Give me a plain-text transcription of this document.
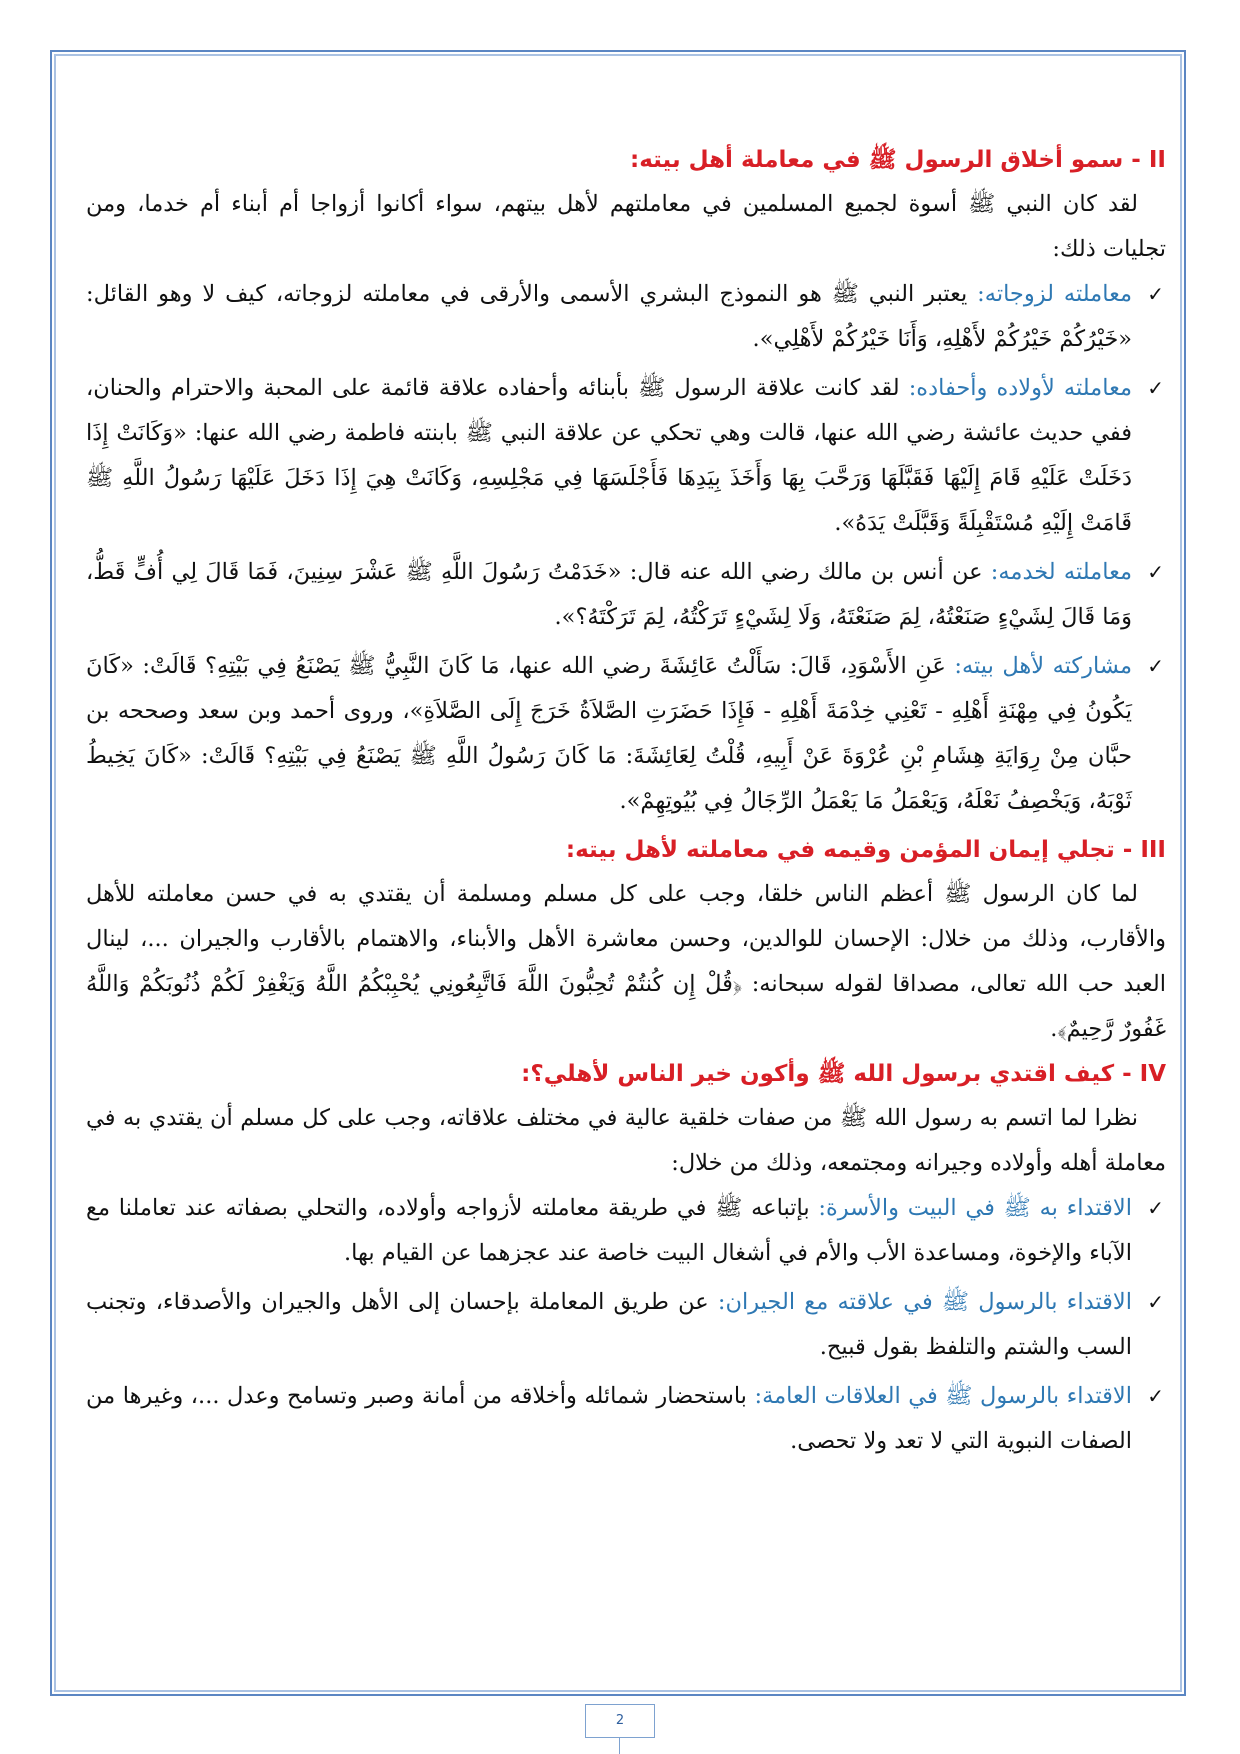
II - سمو أخلاق الرسول ﷺ في معاملة أهل بيته:

لقد كان النبي ﷺ أسوة لجميع المسلمين في معاملتهم لأهل بيتهم، سواء أكانوا أزواجا أم أبناء أم خدما، ومن تجليات ذلك:

✓
معاملته لزوجاته: يعتبر النبي ﷺ هو النموذج البشري الأسمى والأرقى في معاملته لزوجاته، كيف لا وهو القائل: «خَيْرُكُمْ خَيْرُكُمْ لأَهْلِهِ، وَأَنَا خَيْرُكُمْ لأَهْلِي».
✓
معاملته لأولاده وأحفاده: لقد كانت علاقة الرسول ﷺ بأبنائه وأحفاده علاقة قائمة على المحبة والاحترام والحنان، ففي حديث عائشة رضي الله عنها، قالت وهي تحكي عن علاقة النبي ﷺ بابنته فاطمة رضي الله عنها: «وَكَانَتْ إِذَا دَخَلَتْ عَلَيْهِ قَامَ إِلَيْهَا فَقَبَّلَهَا وَرَحَّبَ بِهَا وَأَخَذَ بِيَدِهَا فَأَجْلَسَهَا فِي مَجْلِسِهِ، وَكَانَتْ هِيَ إِذَا دَخَلَ عَلَيْهَا رَسُولُ اللَّهِ ﷺ قَامَتْ إِلَيْهِ مُسْتَقْبِلَةً وَقَبَّلَتْ يَدَهُ».
✓
معاملته لخدمه: عن أنس بن مالك رضي الله عنه قال: «خَدَمْتُ رَسُولَ اللَّهِ ﷺ عَشْرَ سِنِينَ، فَمَا قَالَ لِي أُفٍّ قَطُّ، وَمَا قَالَ لِشَيْءٍ صَنَعْتُهُ، لِمَ صَنَعْتَهُ، وَلَا لِشَيْءٍ تَرَكْتُهُ، لِمَ تَرَكْتَهُ؟».
✓
مشاركته لأهل بيته: عَنِ الأَسْوَدِ، قَالَ: سَأَلْتُ عَائِشَةَ رضي الله عنها، مَا كَانَ النَّبِيُّ ﷺ يَصْنَعُ فِي بَيْتِهِ؟ قَالَتْ: «كَانَ يَكُونُ فِي مِهْنَةِ أَهْلِهِ - تَعْنِي خِدْمَةَ أَهْلِهِ - فَإِذَا حَضَرَتِ الصَّلاَةُ خَرَجَ إِلَى الصَّلاَةِ»، وروى أحمد وبن سعد وصححه بن حبَّان مِنْ رِوَايَةِ هِشَامِ بْنِ عُرْوَةَ عَنْ أَبِيهِ، قُلْتُ لِعَائِشَةَ: مَا كَانَ رَسُولُ اللَّهِ ﷺ يَصْنَعُ فِي بَيْتِهِ؟ قَالَتْ: «كَانَ يَخِيطُ ثَوْبَهُ، وَيَخْصِفُ نَعْلَهُ، وَيَعْمَلُ مَا يَعْمَلُ الرِّجَالُ فِي بُيُوتِهِمْ».
III - تجلي إيمان المؤمن وقيمه في معاملته لأهل بيته:

لما كان الرسول ﷺ أعظم الناس خلقا، وجب على كل مسلم ومسلمة أن يقتدي به في حسن معاملته للأهل والأقارب، وذلك من خلال: الإحسان للوالدين، وحسن معاشرة الأهل والأبناء، والاهتمام بالأقارب والجيران ...، لينال العبد حب الله تعالى، مصداقا لقوله سبحانه: ﴿قُلْ إِن كُنتُمْ تُحِبُّونَ اللَّهَ فَاتَّبِعُونِي يُحْبِبْكُمُ اللَّهُ وَيَغْفِرْ لَكُمْ ذُنُوبَكُمْ وَاللَّهُ غَفُورٌ رَّحِيمٌ﴾.

IV - كيف اقتدي برسول الله ﷺ وأكون خير الناس لأهلي؟:

نظرا لما اتسم به رسول الله ﷺ من صفات خلقية عالية في مختلف علاقاته، وجب على كل مسلم أن يقتدي به في معاملة أهله وأولاده وجيرانه ومجتمعه، وذلك من خلال:

✓
الاقتداء به ﷺ في البيت والأسرة: بإتباعه ﷺ في طريقة معاملته لأزواجه وأولاده، والتحلي بصفاته عند تعاملنا مع الآباء والإخوة، ومساعدة الأب والأم في أشغال البيت خاصة عند عجزهما عن القيام بها.
✓
الاقتداء بالرسول ﷺ في علاقته مع الجيران: عن طريق المعاملة بإحسان إلى الأهل والجيران والأصدقاء، وتجنب السب والشتم والتلفظ بقول قبيح.
✓
الاقتداء بالرسول ﷺ في العلاقات العامة: باستحضار شمائله وأخلاقه من أمانة وصبر وتسامح وعدل ...، وغيرها من الصفات النبوية التي لا تعد ولا تحصى.
2
